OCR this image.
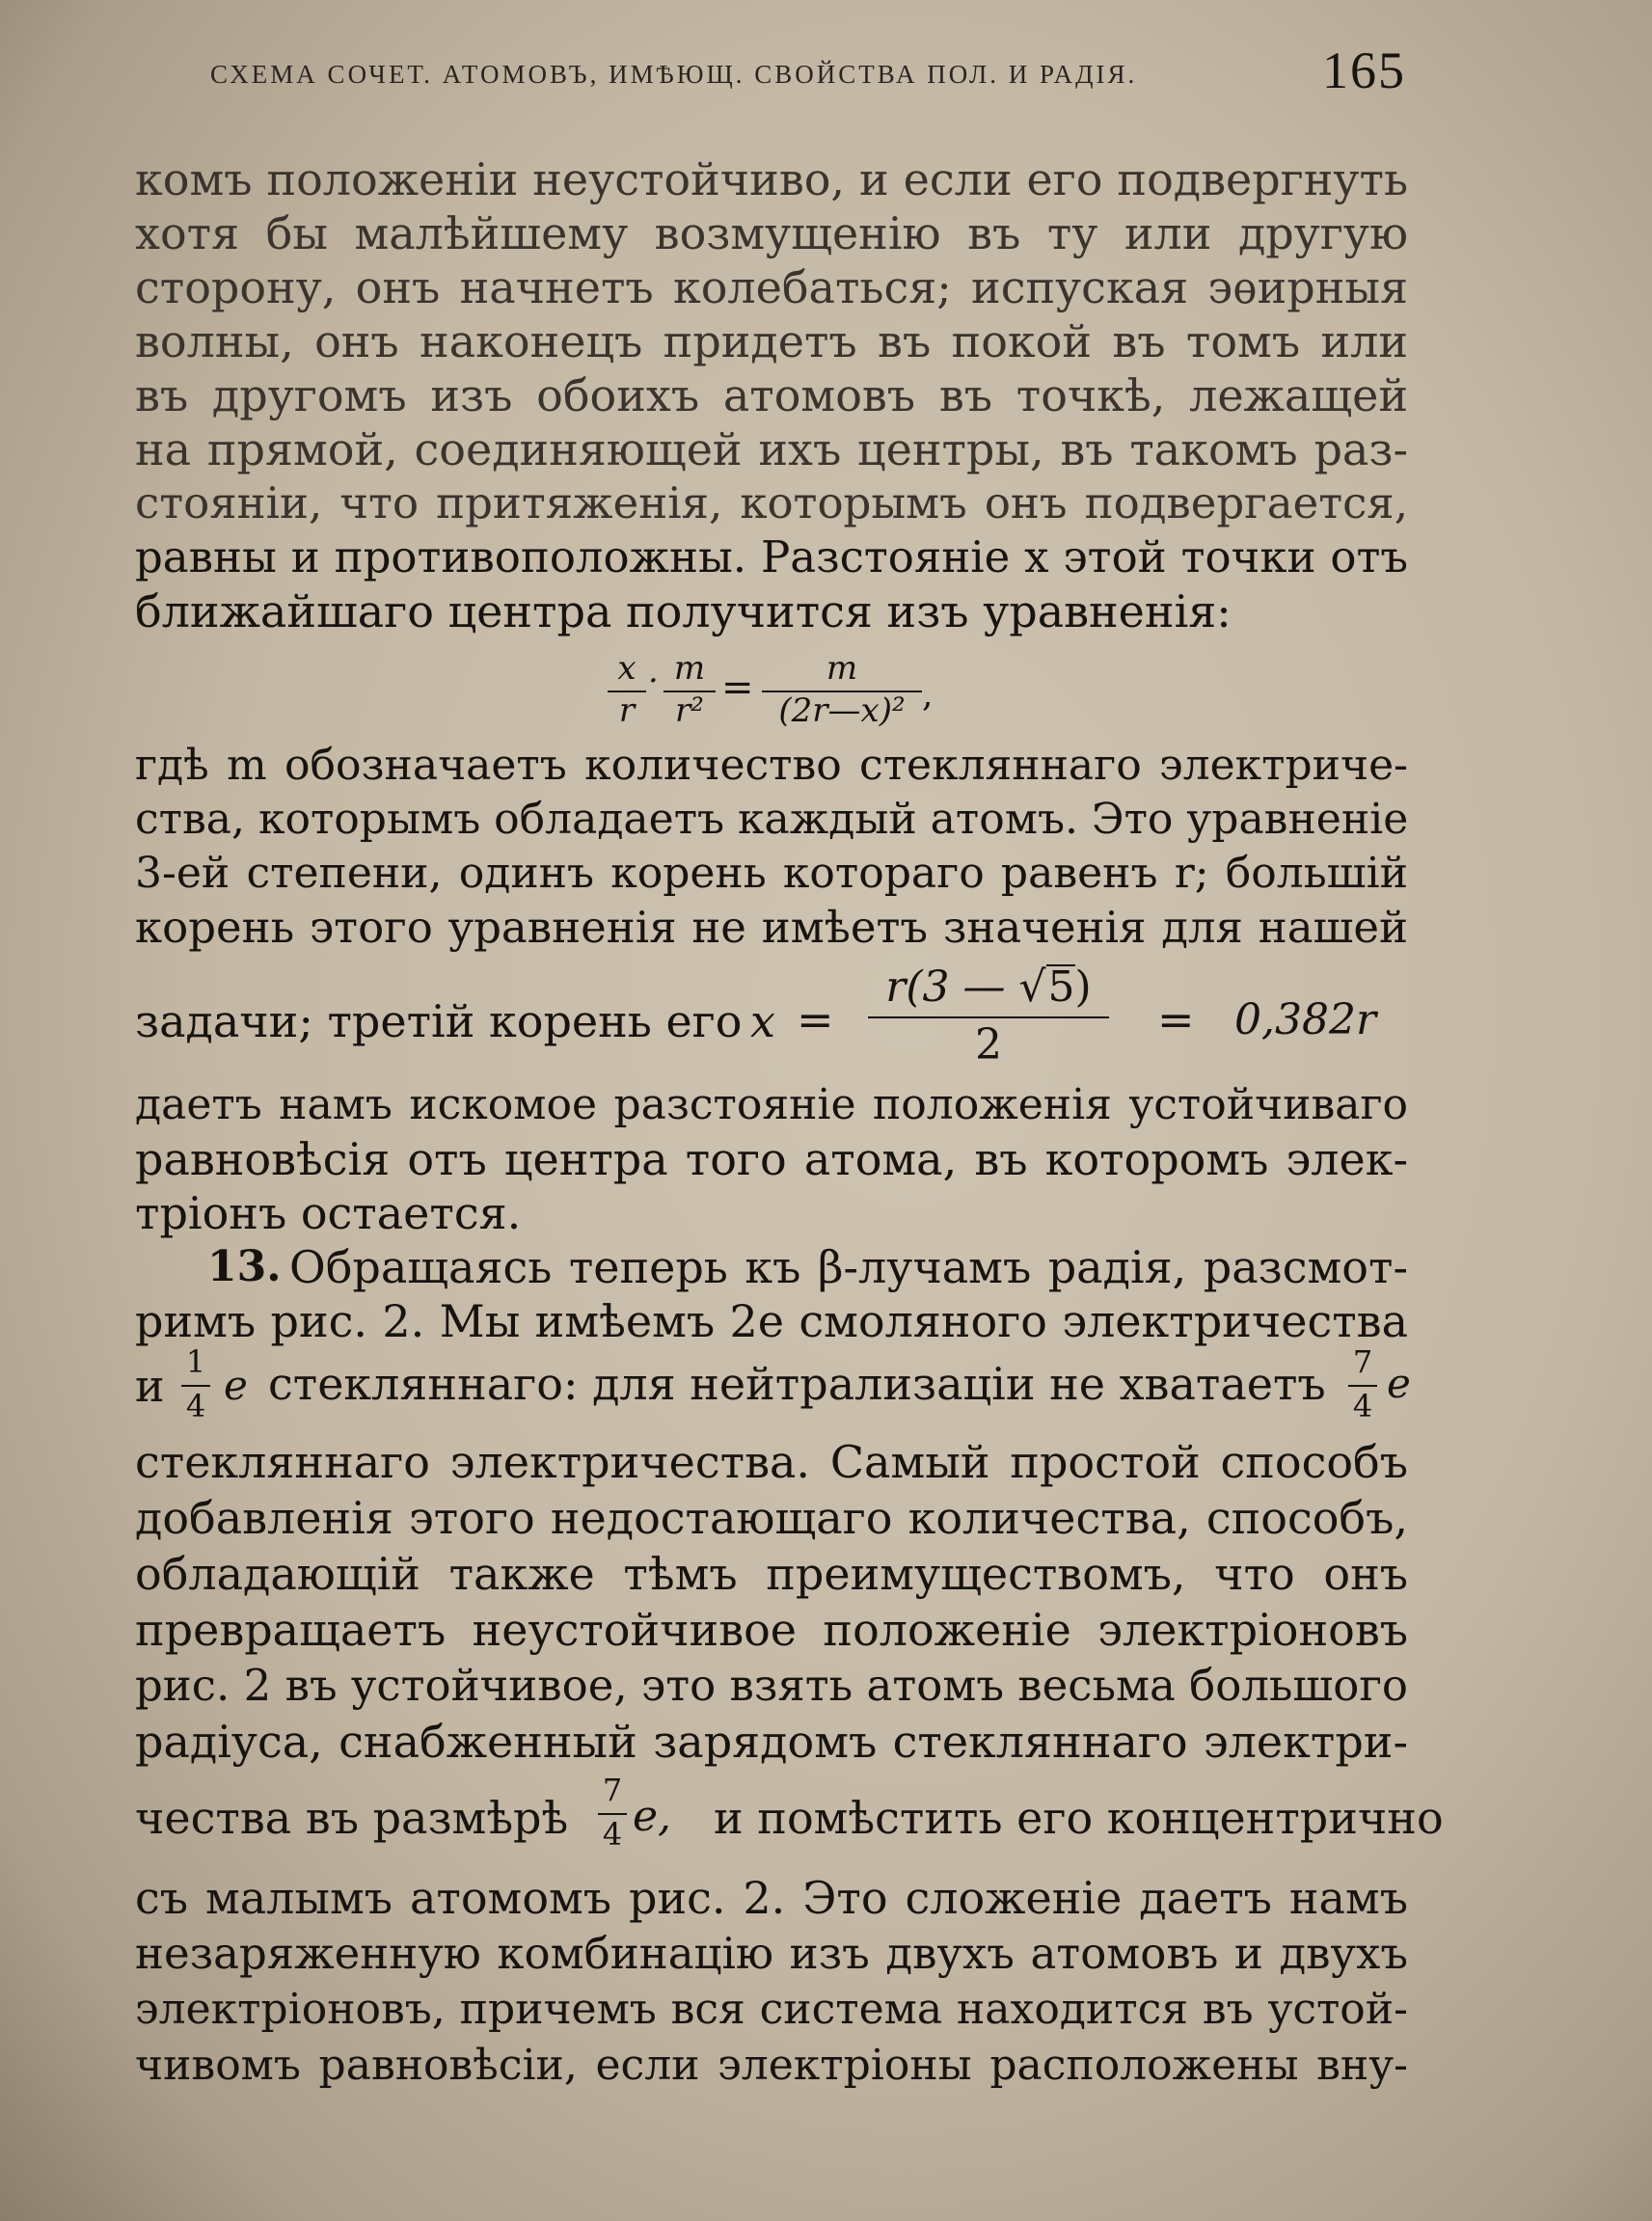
СХЕМА СОЧЕТ. АТОМОВЪ, ИМѢЮЩ. СВОЙСТВА ПОЛ. И РАДІЯ.	165
комъ положеніи неустойчиво, и если его подвергнуть
хотя бы малѣйшему возмущенію въ ту или другую
сторону, онъ начнетъ колебаться; испуская эѳирныя
волны, онъ наконецъ придетъ въ покой въ томъ или
въ другомъ изъ обоихъ атомовъ въ точкѣ, лежащей
на прямой, соединяющей ихъ центры, въ такомъ раз-
стояніи, что притяженія, которымъ онъ подвергается,
равны и противоположны. Разстояніе x этой точки отъ
ближайшаго центра получится изъ уравненія:
x
r
· m
r²
=	m
(2r—x)² ,
гдѣ m обозначаетъ количество стекляннаго электриче-
ства, которымъ обладаетъ каждый атомъ. Это уравненіе
3-ей степени, одинъ корень котораго равенъ r; большій
корень этого уравненія не имѣетъ значенія для нашей
задачи; третій корень его x =
r(3 — √5)
2	= 0,382r
даетъ намъ искомое разстояніе положенія устойчиваго
равновѣсія отъ центра того атома, въ которомъ элек-
тріонъ остается.
13. Обращаясь теперь къ β-лучамъ радія, разсмот-
римъ рис. 2. Мы имѣемъ 2e смоляного электричества
и 1
4 e стекляннаго: для нейтрализаціи не хватаетъ 7
4 e
стекляннаго электричества. Самый простой способъ
добавленія этого недостающаго количества, способъ,
обладающій также тѣмъ преимуществомъ, что онъ
превращаетъ неустойчивое положеніе электріоновъ
рис. 2 въ устойчивое, это взять атомъ весьма большого
радіуса, снабженный зарядомъ стекляннаго электри-
чества въ размѣрѣ
7
4 e, и помѣстить его концентрично
съ малымъ атомомъ рис. 2. Это сложеніе даетъ намъ
незаряженную комбинацію изъ двухъ атомовъ и двухъ
электріоновъ, причемъ вся система находится въ устой-
чивомъ равновѣсіи, если электріоны расположены вну-
